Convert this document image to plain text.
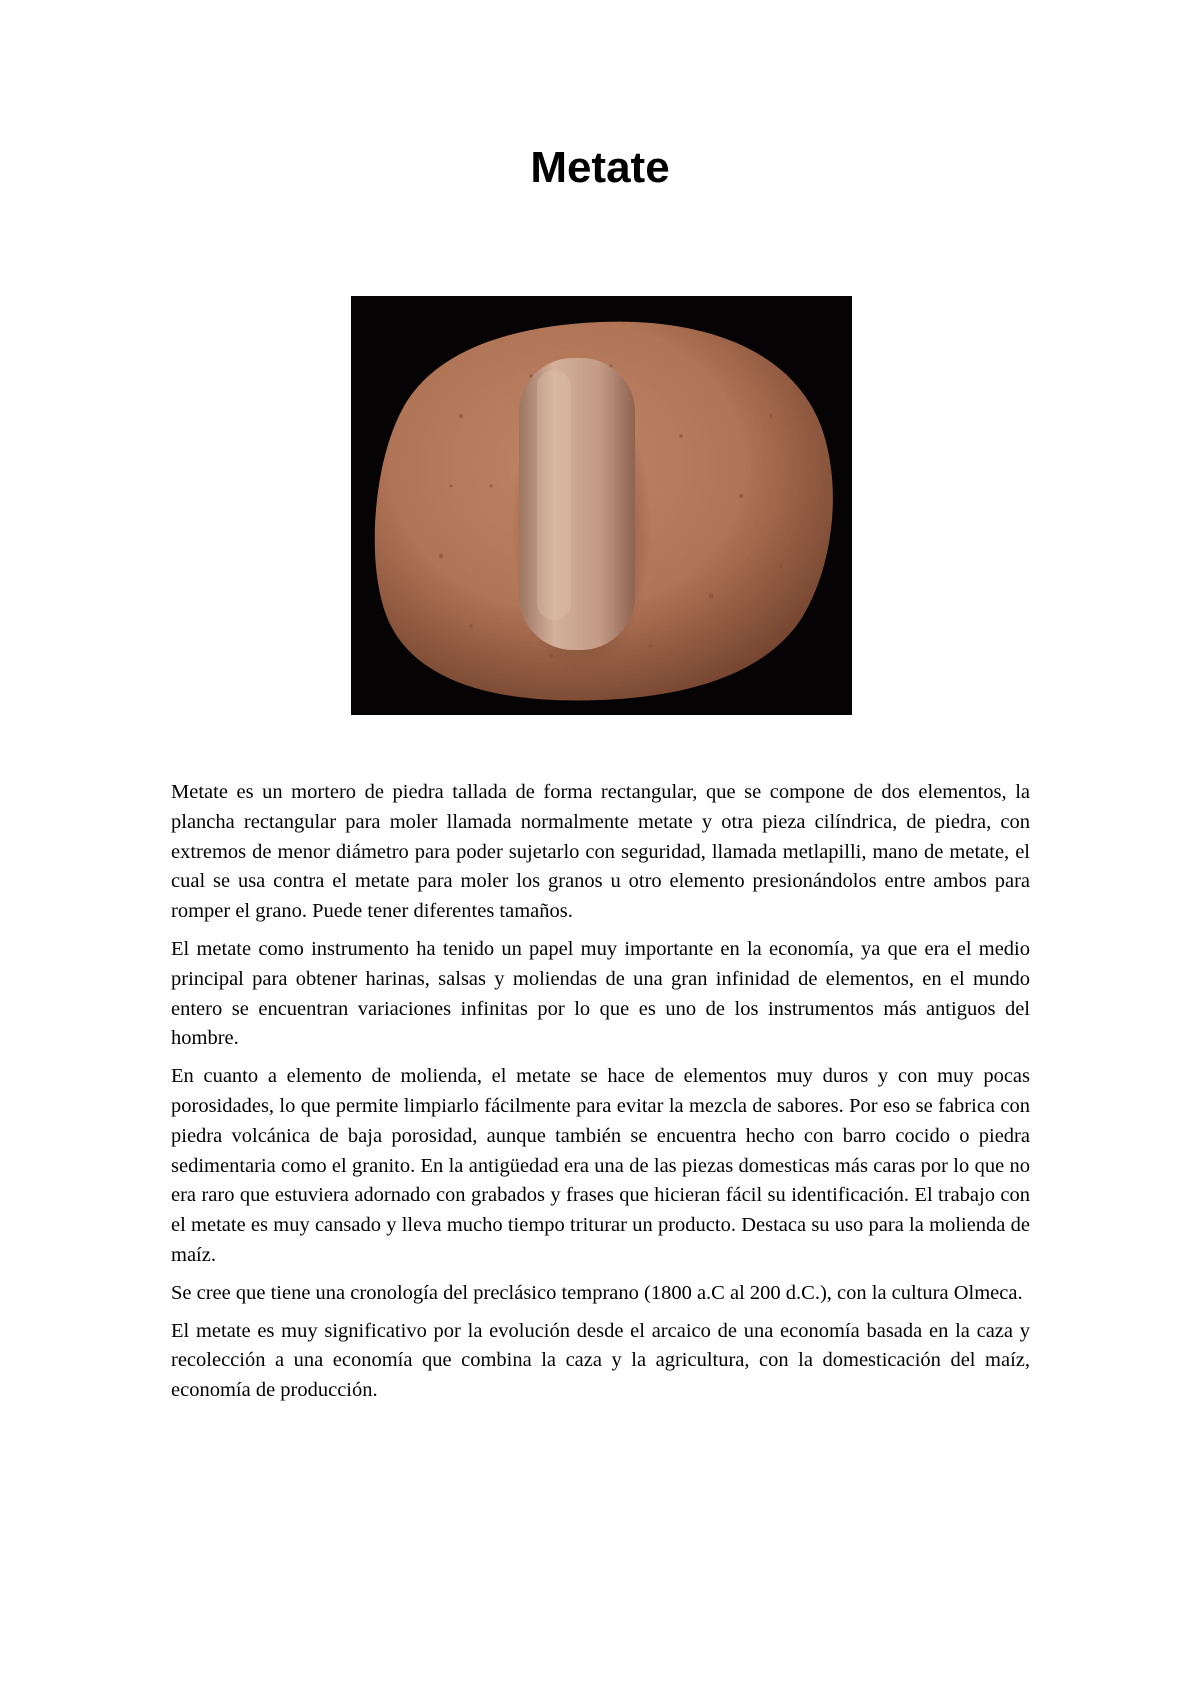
Metate

Metate es un mortero de piedra tallada de forma rectangular, que se compone de dos elementos, la plancha rectangular para moler llamada normalmente metate y otra pieza cilíndrica, de piedra, con extremos de menor diámetro para poder sujetarlo con seguridad, llamada metlapilli, mano de metate, el cual se usa contra el metate para moler los granos u otro elemento presionándolos entre ambos para romper el grano. Puede tener diferentes tamaños.

El metate como instrumento ha tenido un papel muy importante en la economía, ya que era el medio principal para obtener harinas, salsas y moliendas de una gran infinidad de elementos, en el mundo entero se encuentran variaciones infinitas por lo que es uno de los instrumentos más antiguos del hombre.

En cuanto a elemento de molienda, el metate se hace de elementos muy duros y con muy pocas porosidades, lo que permite limpiarlo fácilmente para evitar la mezcla de sabores. Por eso se fabrica con piedra volcánica de baja porosidad, aunque también se encuentra hecho con barro cocido o piedra sedimentaria como el granito. En la antigüedad era una de las piezas domesticas más caras por lo que no era raro que estuviera adornado con grabados y frases que hicieran fácil su identificación. El trabajo con el metate es muy cansado y lleva mucho tiempo triturar un producto. Destaca su uso para la molienda de maíz.

Se cree que tiene una cronología del preclásico temprano (1800 a.C al 200 d.C.), con la cultura Olmeca.

El metate es muy significativo por la evolución desde el arcaico de una economía basada en la caza y recolección a una economía que combina la caza y la agricultura, con la domesticación del maíz, economía de producción.
